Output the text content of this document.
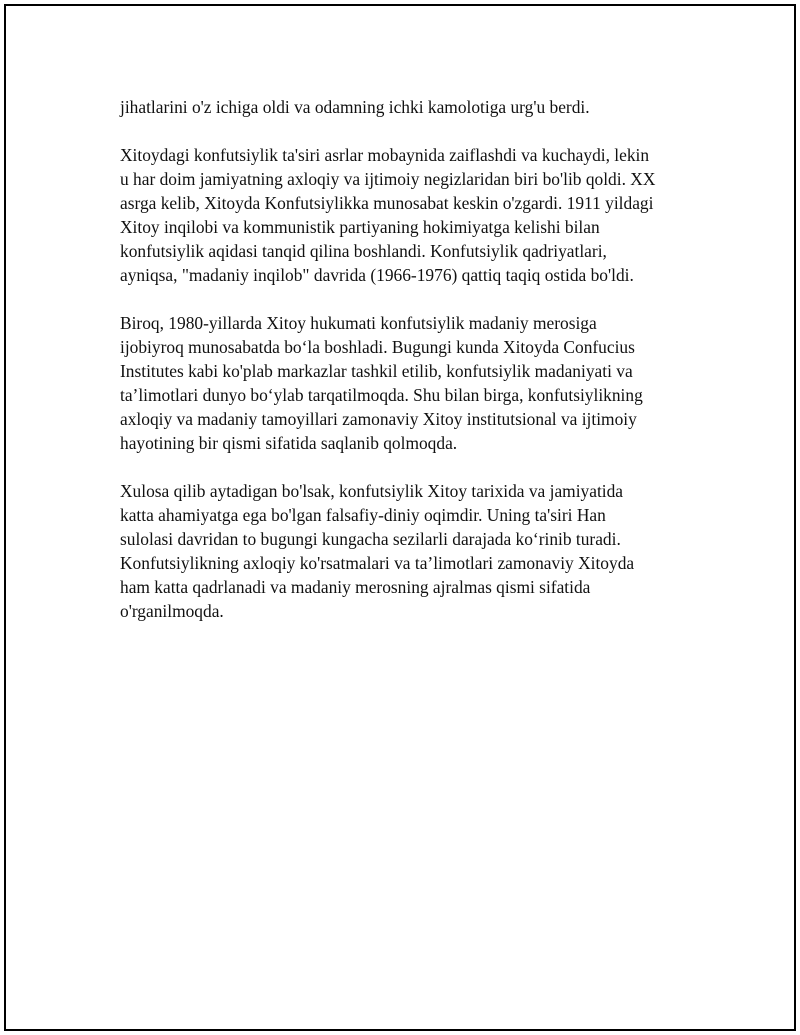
jihatlarini o'z ichiga oldi va odamning ichki kamolotiga urg'u berdi.

Xitoydagi konfutsiylik ta'siri asrlar mobaynida zaiflashdi va kuchaydi, lekin
u har doim jamiyatning axloqiy va ijtimoiy negizlaridan biri bo'lib qoldi. XX
asrga kelib, Xitoyda Konfutsiylikka munosabat keskin o'zgardi. 1911 yildagi
Xitoy inqilobi va kommunistik partiyaning hokimiyatga kelishi bilan
konfutsiylik aqidasi tanqid qilina boshlandi. Konfutsiylik qadriyatlari,
ayniqsa, "madaniy inqilob" davrida (1966-1976) qattiq taqiq ostida bo'ldi.

Biroq, 1980-yillarda Xitoy hukumati konfutsiylik madaniy merosiga
ijobiyroq munosabatda bo‘la boshladi. Bugungi kunda Xitoyda Confucius
Institutes kabi ko'plab markazlar tashkil etilib, konfutsiylik madaniyati va
ta’limotlari dunyo bo‘ylab tarqatilmoqda. Shu bilan birga, konfutsiylikning
axloqiy va madaniy tamoyillari zamonaviy Xitoy institutsional va ijtimoiy
hayotining bir qismi sifatida saqlanib qolmoqda.

Xulosa qilib aytadigan bo'lsak, konfutsiylik Xitoy tarixida va jamiyatida
katta ahamiyatga ega bo'lgan falsafiy-diniy oqimdir. Uning ta'siri Han
sulolasi davridan to bugungi kungacha sezilarli darajada ko‘rinib turadi.
Konfutsiylikning axloqiy ko'rsatmalari va ta’limotlari zamonaviy Xitoyda
ham katta qadrlanadi va madaniy merosning ajralmas qismi sifatida
o'rganilmoqda.
